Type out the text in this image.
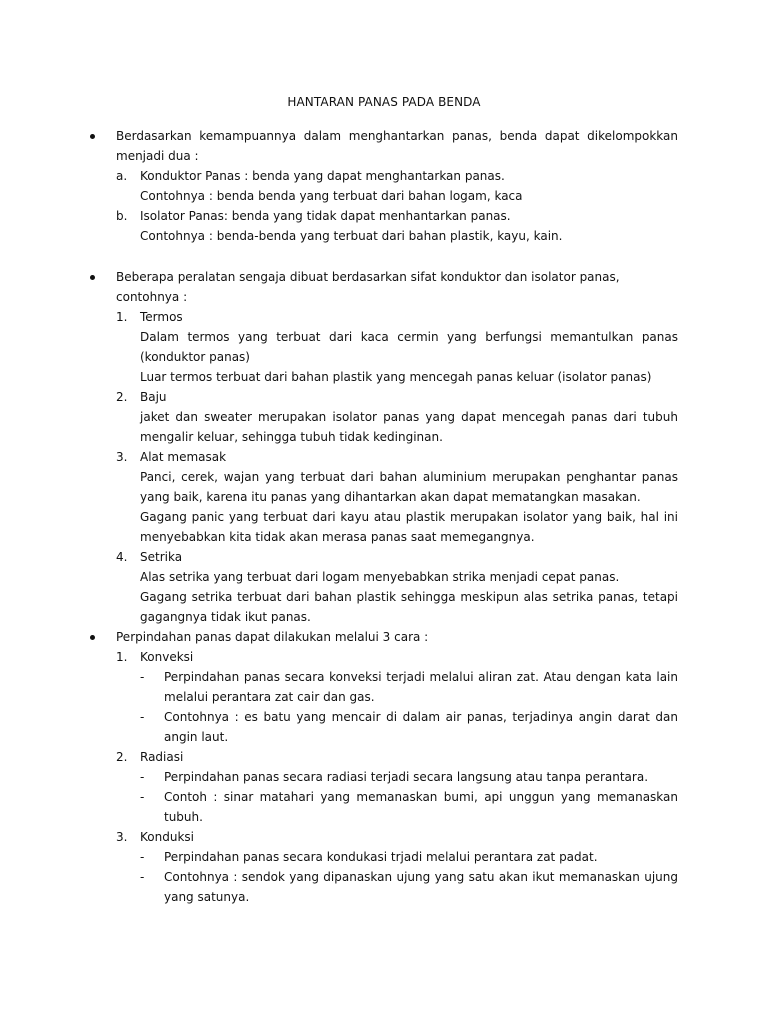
HANTARAN PANAS PADA BENDA
Berdasarkan kemampuannya dalam menghantarkan panas, benda dapat dikelompokkan menjadi dua :
a. Konduktor Panas : benda yang dapat menghantarkan panas.
Contohnya : benda benda yang terbuat dari bahan logam, kaca
b. Isolator Panas: benda yang tidak dapat menhantarkan panas.
Contohnya : benda-benda yang terbuat dari bahan plastik, kayu, kain.
Beberapa peralatan sengaja dibuat berdasarkan sifat konduktor dan isolator panas, contohnya :
1. Termos
Dalam termos yang terbuat dari kaca cermin yang berfungsi memantulkan panas (konduktor panas)
Luar termos terbuat dari bahan plastik yang mencegah panas keluar (isolator panas)
2. Baju
jaket dan sweater merupakan isolator panas yang dapat mencegah panas dari tubuh mengalir keluar, sehingga tubuh tidak kedinginan.
3. Alat memasak
Panci, cerek, wajan yang terbuat dari bahan aluminium merupakan penghantar panas yang baik, karena itu panas yang dihantarkan akan dapat mematangkan masakan.
Gagang panic yang terbuat dari kayu atau plastik merupakan isolator yang baik, hal ini menyebabkan kita tidak akan merasa panas saat memegangnya.
4. Setrika
Alas setrika yang terbuat dari logam menyebabkan strika menjadi cepat panas.
Gagang setrika terbuat dari bahan plastik sehingga meskipun alas setrika panas, tetapi gagangnya tidak ikut panas.
Perpindahan panas dapat dilakukan melalui 3 cara :
1. Konveksi
- Perpindahan panas secara konveksi terjadi melalui aliran zat. Atau dengan kata lain melalui perantara zat cair dan gas.
- Contohnya : es batu yang mencair di dalam air panas, terjadinya angin darat dan angin laut.
2. Radiasi
- Perpindahan panas secara radiasi terjadi secara langsung atau tanpa perantara.
- Contoh : sinar matahari yang memanaskan bumi, api unggun yang memanaskan tubuh.
3. Konduksi
- Perpindahan panas secara kondukasi trjadi melalui perantara zat padat.
- Contohnya : sendok yang dipanaskan ujung yang satu akan ikut memanaskan ujung yang satunya.
